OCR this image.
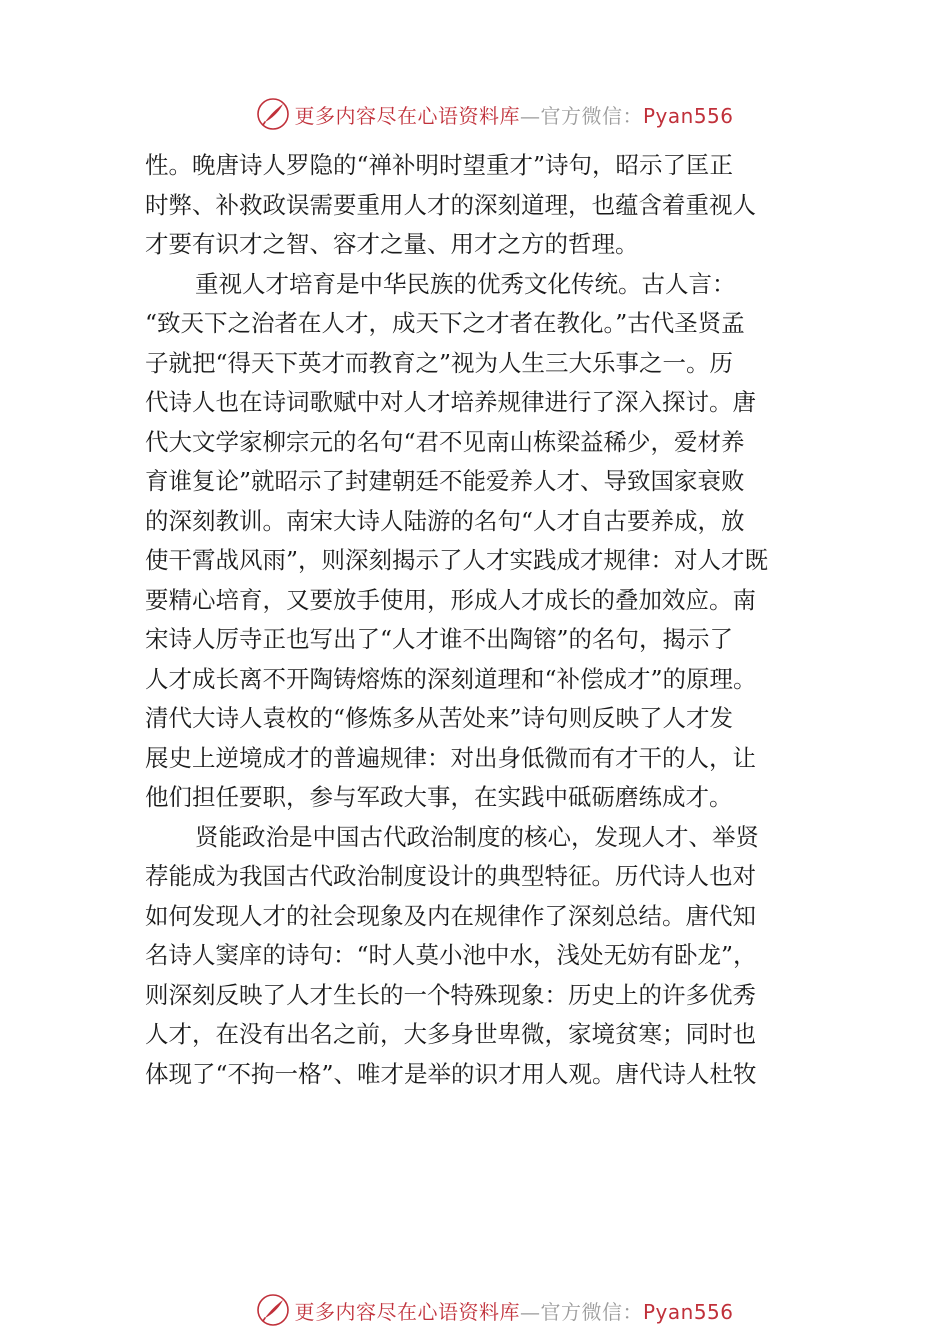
更多内容尽在心语资料库—官方微信：Pyan556
性。晚唐诗人罗隐的“禅补明时望重才”诗句，昭示了匡正
时弊、补救政误需要重用人才的深刻道理，也蕴含着重视人
才要有识才之智、容才之量、用才之方的哲理。
重视人才培育是中华民族的优秀文化传统。古人言：
“致天下之治者在人才，成天下之才者在教化。”古代圣贤孟
子就把“得天下英才而教育之”视为人生三大乐事之一。历
代诗人也在诗词歌赋中对人才培养规律进行了深入探讨。唐
代大文学家柳宗元的名句“君不见南山栋梁益稀少，爱材养
育谁复论”就昭示了封建朝廷不能爱养人才、导致国家衰败
的深刻教训。南宋大诗人陆游的名句“人才自古要养成，放
使干霄战风雨”，则深刻揭示了人才实践成才规律：对人才既
要精心培育，又要放手使用，形成人才成长的叠加效应。南
宋诗人厉寺正也写出了“人才谁不出陶镕”的名句，揭示了
人才成长离不开陶铸熔炼的深刻道理和“补偿成才”的原理。
清代大诗人袁枚的“修炼多从苦处来”诗句则反映了人才发
展史上逆境成才的普遍规律：对出身低微而有才干的人，让
他们担任要职，参与军政大事，在实践中砥砺磨练成才。
贤能政治是中国古代政治制度的核心，发现人才、举贤
荐能成为我国古代政治制度设计的典型特征。历代诗人也对
如何发现人才的社会现象及内在规律作了深刻总结。唐代知
名诗人窦庠的诗句：“时人莫小池中水，浅处无妨有卧龙”，
则深刻反映了人才生长的一个特殊现象：历史上的许多优秀
人才，在没有出名之前，大多身世卑微，家境贫寒；同时也
体现了“不拘一格”、唯才是举的识才用人观。唐代诗人杜牧
更多内容尽在心语资料库—官方微信：Pyan556
